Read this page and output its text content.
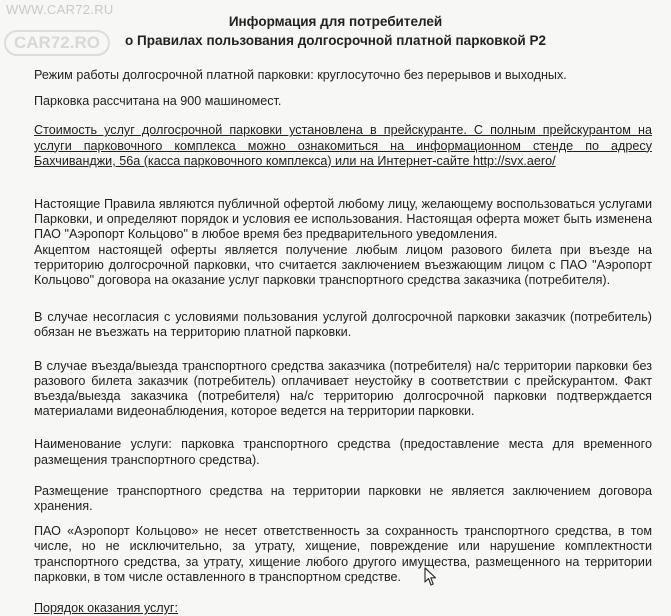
WWW.CAR72.RU
CAR72.RO
Информация для потребителей
о Правилах пользования долгосрочной платной парковкой Р2

Режим работы долгосрочной платной парковки: круглосуточно без перерывов и выходных.

Парковка рассчитана на 900 машиномест.

Стоимость услуг долгосрочной парковки установлена в прейскуранте. С полным прейскурантом на услуги парковочного комплекса можно ознакомиться на информационном стенде по адресу Бахчиванджи, 56а (касса парковочного комплекса) или на Интернет-сайте http://svx.aero/

Настоящие Правила являются публичной офертой любому лицу, желающему воспользоваться услугами Парковки, и определяют порядок и условия ее использования. Настоящая оферта может быть изменена ПАО "Аэропорт Кольцово" в любое время без предварительного уведомления.

Акцептом настоящей оферты является получение любым лицом разового билета при въезде на территорию долгосрочной парковки, что считается заключением въезжающим лицом с ПАО "Аэропорт Кольцово" договора на оказание услуг парковки транспортного средства заказчика (потребителя).

В случае несогласия с условиями пользования услугой долгосрочной парковки заказчик (потребитель) обязан не въезжать на территорию платной парковки.

В случае въезда/выезда транспортного средства заказчика (потребителя) на/с территории парковки без разового билета заказчик (потребитель) оплачивает неустойку в соответствии с прейскурантом. Факт въезда/выезда заказчика (потребителя) на/с территорию долгосрочной парковки подтверждается материалами видеонаблюдения, которое ведется на территории парковки.

Наименование услуги: парковка транспортного средства (предоставление места для временного размещения транспортного средства).

Размещение транспортного средства на территории парковки не является заключением договора хранения.

ПАО «Аэропорт Кольцово» не несет ответственность за сохранность транспортного средства, в том числе, но не исключительно, за утрату, хищение, повреждение или нарушение комплектности транспортного средства, за утрату, хищение любого другого имущества, размещенного на территории парковки, в том числе оставленного в транспортном средстве.

Порядок оказания услуг:
